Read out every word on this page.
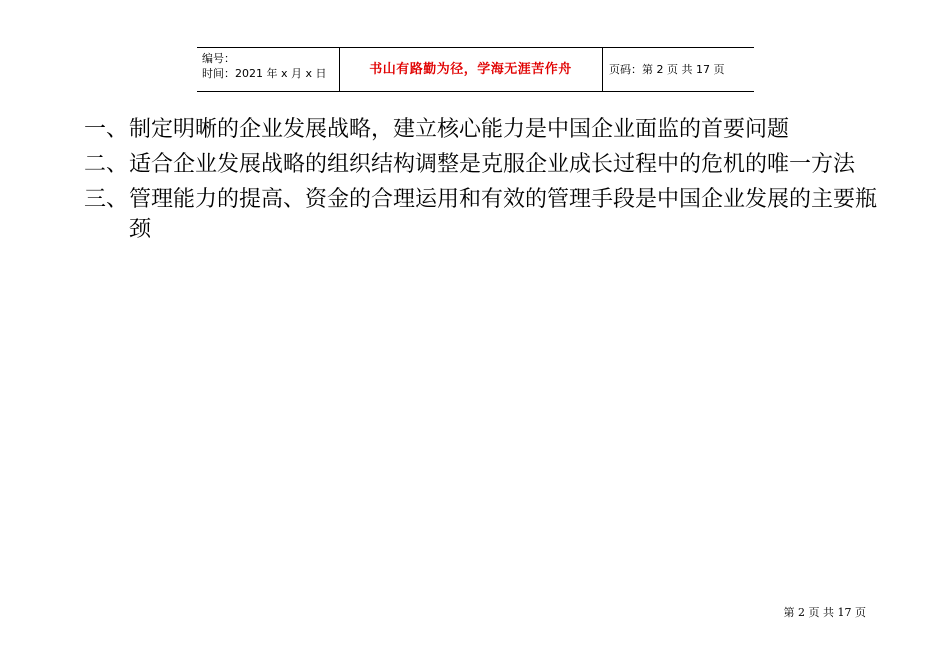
编号：
时间：2021 年 x 月 x 日	书山有路勤为径，学海无涯苦作舟	页码：第 2 页 共 17 页
一、 制定明晰的企业发展战略，建立核心能力是中国企业面监的首要问题
二、 适合企业发展战略的组织结构调整是克服企业成长过程中的危机的唯一方法
三、 管理能力的提高、资金的合理运用和有效的管理手段是中国企业发展的主要瓶颈
第 2 页 共 17 页
